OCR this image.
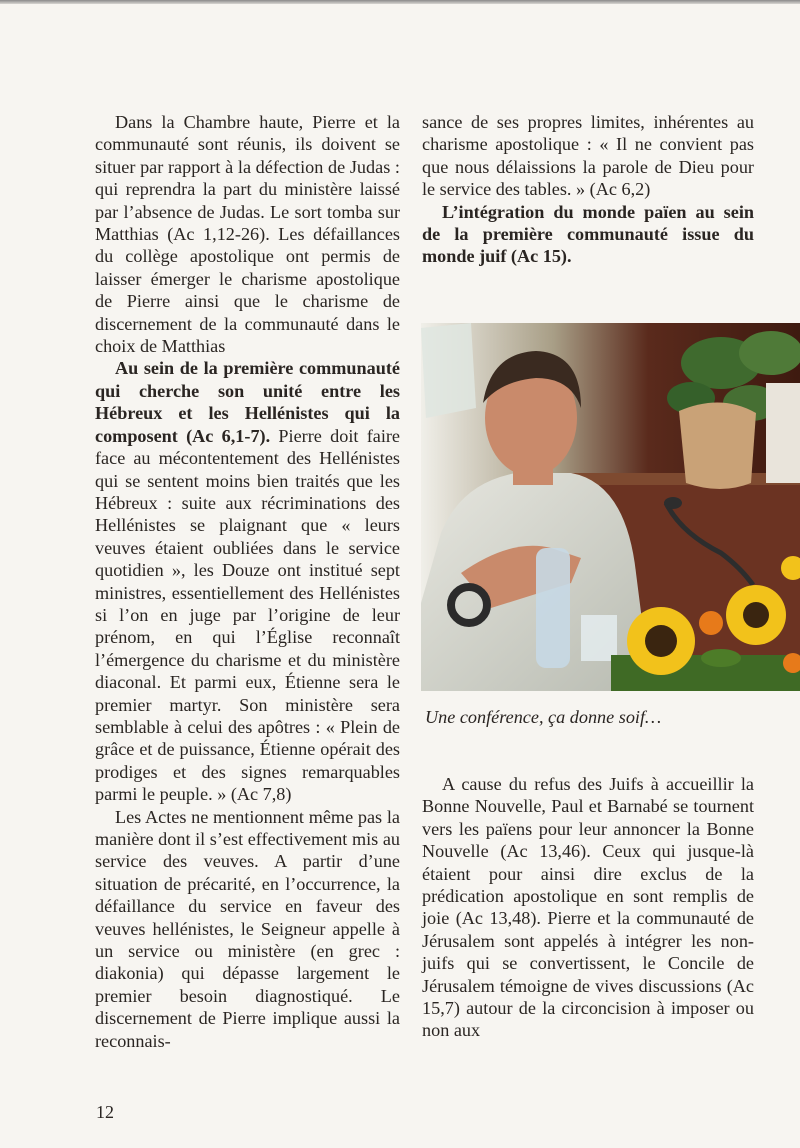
Dans la Chambre haute, Pierre et la communauté sont réunis, ils doivent se situer par rapport à la défection de Judas : qui reprendra la part du ministère laissé par l’absence de Judas. Le sort tomba sur Matthias (Ac 1,12-26). Les défaillances du collège apostolique ont permis de laisser émerger le charisme apostolique de Pierre ainsi que le charisme de discernement de la communauté dans le choix de Matthias

Au sein de la première communauté qui cherche son unité entre les Hébreux et les Hellénistes qui la composent (Ac 6,1-7). Pierre doit faire face au mécontentement des Hellénistes qui se sentent moins bien traités que les Hébreux : suite aux récriminations des Hellénistes se plaignant que « leurs veuves étaient oubliées dans le service quotidien », les Douze ont institué sept ministres, essentiellement des Hellénistes si l’on en juge par l’origine de leur prénom, en qui l’Église reconnaît l’émergence du charisme et du ministère diaconal. Et parmi eux, Étienne sera le premier martyr. Son ministère sera semblable à celui des apôtres : « Plein de grâce et de puissance, Étienne opérait des prodiges et des signes remarquables parmi le peuple. » (Ac 7,8)

Les Actes ne mentionnent même pas la manière dont il s’est effectivement mis au service des veuves. A partir d’une situation de précarité, en l’occurrence, la défaillance du service en faveur des veuves hellénistes, le Seigneur appelle à un service ou ministère (en grec : diakonia) qui dépasse largement le premier besoin diagnostiqué. Le discernement de Pierre implique aussi la reconnais-

sance de ses propres limites, inhérentes au charisme apostolique : « Il ne convient pas que nous délaissions la parole de Dieu pour le service des tables. » (Ac 6,2)

L’intégration du monde païen au sein de la première communauté issue du monde juif (Ac 15).

Une conférence, ça donne soif…

A cause du refus des Juifs à accueillir la Bonne Nouvelle, Paul et Barnabé se tournent vers les païens pour leur annoncer la Bonne Nouvelle (Ac 13,46). Ceux qui jusque-là étaient pour ainsi dire exclus de la prédication apostolique en sont remplis de joie (Ac 13,48). Pierre et la communauté de Jérusalem sont appelés à intégrer les non-juifs qui se convertissent, le Concile de Jérusalem témoigne de vives discussions (Ac 15,7) autour de la circoncision à imposer ou non aux

12
